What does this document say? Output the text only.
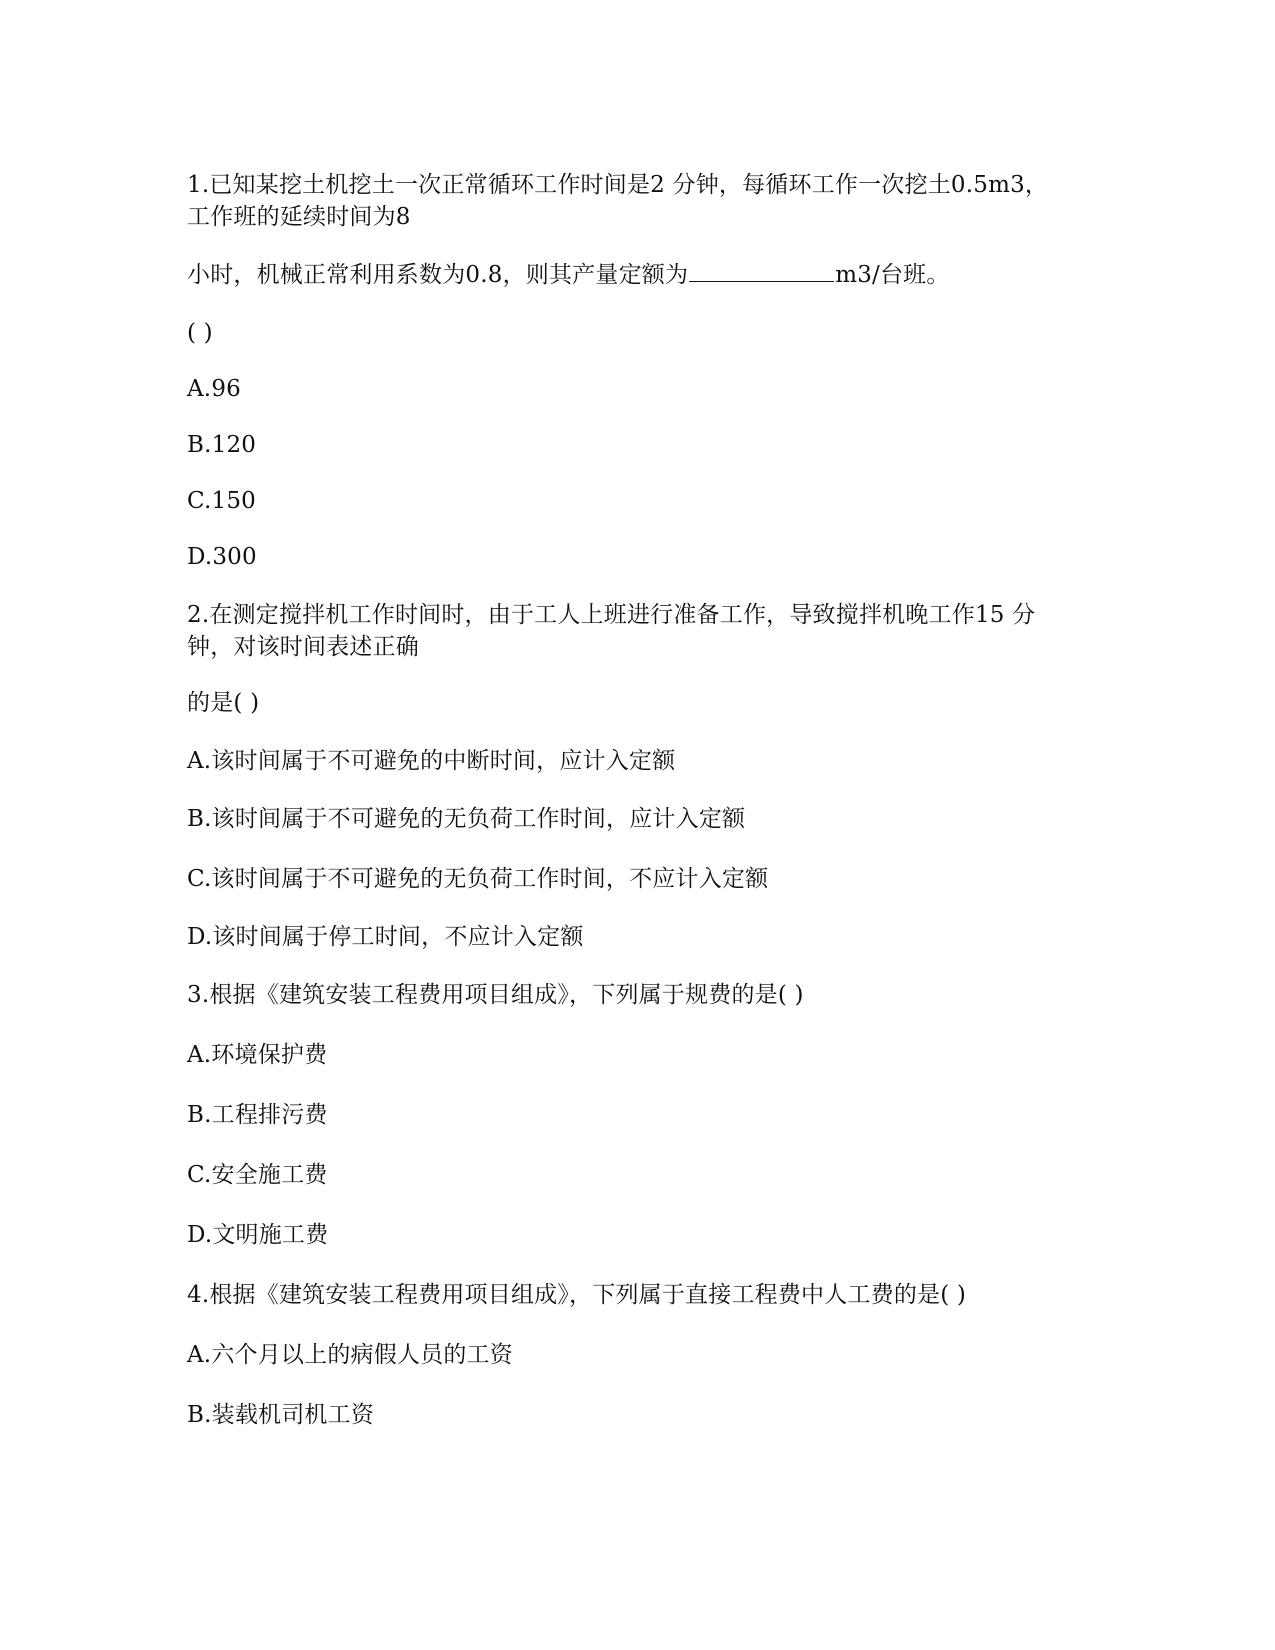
1.已知某挖土机挖土一次正常循环工作时间是2 分钟，每循环工作一次挖土0.5m3，
工作班的延续时间为8
小时，机械正常利用系数为0.8，则其产量定额为	m3/台班。
( )
A.96
B.120
C.150
D.300
2.在测定搅拌机工作时间时，由于工人上班进行准备工作，导致搅拌机晚工作15 分
钟，对该时间表述正确
的是( )
A.该时间属于不可避免的中断时间，应计入定额
B.该时间属于不可避免的无负荷工作时间，应计入定额
C.该时间属于不可避免的无负荷工作时间，不应计入定额
D.该时间属于停工时间，不应计入定额
3.根据《建筑安装工程费用项目组成》，下列属于规费的是( )
A.环境保护费
B.工程排污费
C.安全施工费
D.文明施工费
4.根据《建筑安装工程费用项目组成》，下列属于直接工程费中人工费的是( )
A.六个月以上的病假人员的工资
B.装载机司机工资
